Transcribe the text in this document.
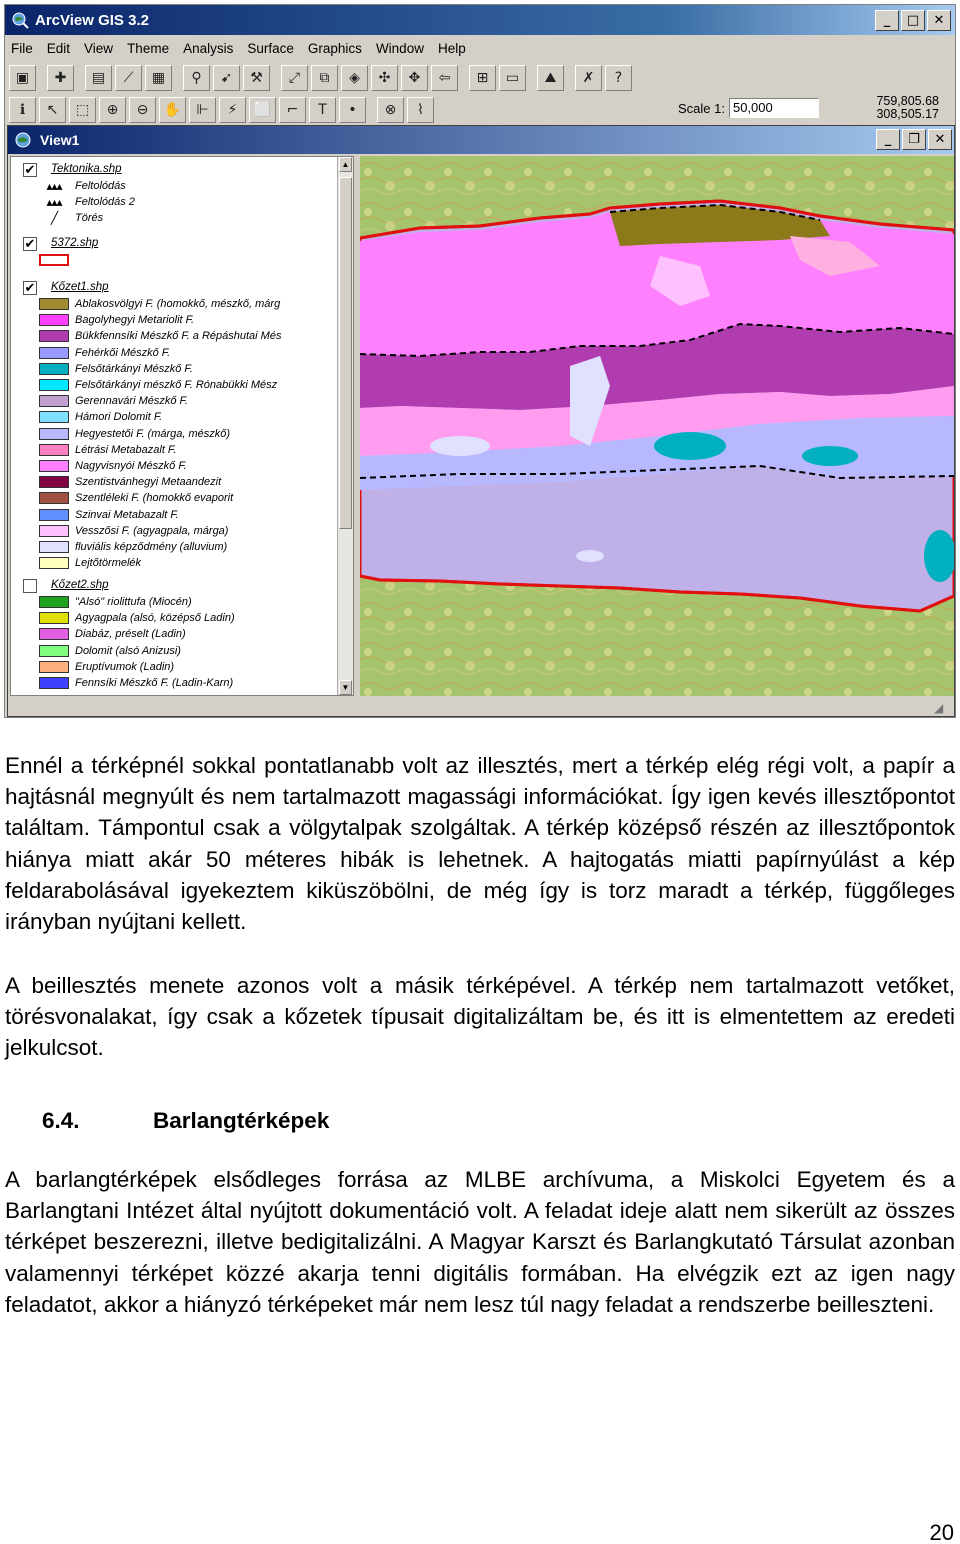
ArcView GIS 3.2	_	□	✕
File Edit View Theme Analysis Surface Graphics Window Help
▣	✚	▤	⟋	▦	⚲	➹	⚒	⤢	⧉	◈	✣	✥	⇦	⊞	▭	⛰	✗	?
ℹ	↖	⬚	⊕	⊖	✋	⊩	⚡	⬜	⌐	T	•	⊗	⌇	Scale 1: 50,000	759,805.68
308,505.17
View1	_	❐	✕
✔ Tektonika.shp
▴▴▴	Feltolódás
▴▴▴	Feltolódás 2
╱	Törés
✔ 5372.shp
✔ Kőzet1.shp
Ablakosvölgyi F. (homokkő, mészkő, márg
Bagolyhegyi Metariolit F.
Bükkfennsíki Mészkő F. a Répáshutai Més
Fehérkői Mészkő F.
Felsőtárkányi Mészkő F.
Felsőtárkányi mészkő F. Rónabükki Mész
Gerennavári Mészkő F.
Hámori Dolomit F.
Hegyestetői F. (márga, mészkő)
Létrási Metabazalt F.
Nagyvisnyói Mészkő F.
Szentistvánhegyi Metaandezit
Szentléleki F. (homokkő evaporit
Szinvai Metabazalt F.
Vesszősi F. (agyagpala, márga)
fluviális képződmény (alluvium)
Lejtőtörmelék
Kőzet2.shp
"Alsó" riolittufa (Miocén)
Agyagpala (alsó, középső Ladin)
Diabáz, préselt (Ladin)
Dolomit (alsó Anizusi)
Eruptívumok (Ladin)
Fennsíki Mészkő F. (Ladin-Karn)
▲
▼
◢

Ennél a térképnél sokkal pontatlanabb volt az illesztés, mert a térkép elég régi volt, a papír a hajtásnál megnyúlt és nem tartalmazott magassági információkat. Így igen kevés illesztőpontot találtam. Támpontul csak a völgytalpak szolgáltak. A térkép középső részén az illesztőpontok hiánya miatt akár 50 méteres hibák is lehetnek. A hajtogatás miatti papírnyúlást a kép feldarabolásával igyekeztem kiküszöbölni, de még így is torz maradt a térkép, függőleges irányban nyújtani kellett.

A beillesztés menete azonos volt a másik térképével. A térkép nem tartalmazott vetőket, törésvonalakat, így csak a kőzetek típusait digitalizáltam be, és itt is elmentettem az eredeti jelkulcsot.

6.4.	Barlangtérképek

A barlangtérképek elsődleges forrása az MLBE archívuma, a Miskolci Egyetem és a Barlangtani Intézet által nyújtott dokumentáció volt. A feladat ideje alatt nem sikerült az összes térképet beszerezni, illetve bedigitalizálni. A Magyar Karszt és Barlangkutató Társulat azonban valamennyi térképet közzé akarja tenni digitális formában. Ha elvégzik ezt az igen nagy feladatot, akkor a hiányzó térképeket már nem lesz túl nagy feladat a rendszerbe beilleszteni.

20
